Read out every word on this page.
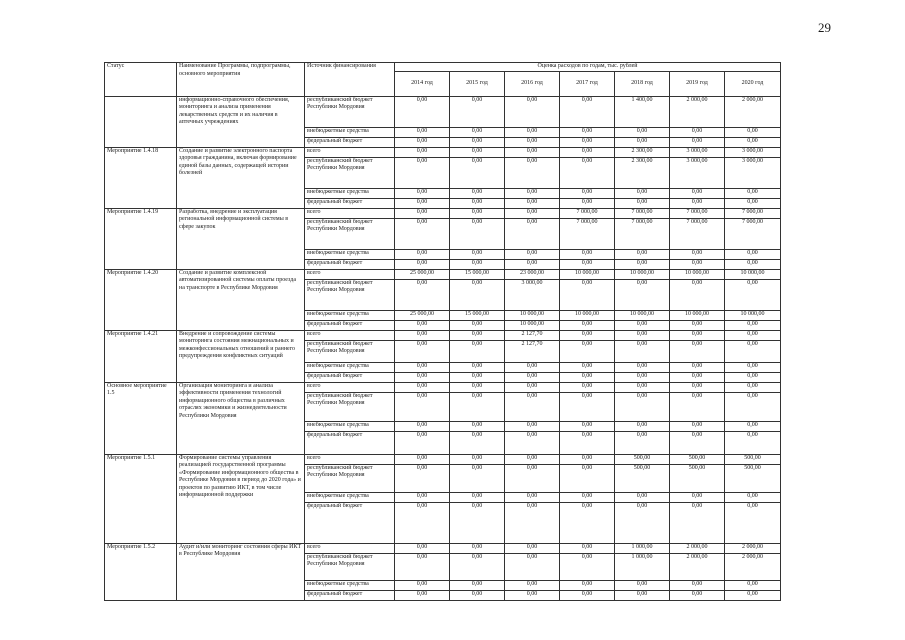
29
Статус	Наименование Программы, подпрограммы, основного мероприятия	Источник финансирования	Оценка расходов по годам, тыс. рублей						
			2014 год	2015 год	2016 год	2017 год	2018 год	2019 год	2020 год
	информационно-справочного обеспечения, мониторинга и анализа применения лекарственных средств и их наличия в аптечных учреждениях	республиканский бюджет Республики Мордовия	0,00	0,00	0,00	0,00	1 400,00	2 000,00	2 000,00
		внебюджетные средства	0,00	0,00	0,00	0,00	0,00	0,00	0,00
		федеральный бюджет	0,00	0,00	0,00	0,00	0,00	0,00	0,00
Мероприятие 1.4.18	Создание и развитие электронного паспорта здоровья гражданина, включая формирование единой базы данных, содержащей истории болезней	всего	0,00	0,00	0,00	0,00	2 300,00	3 000,00	3 000,00
		республиканский бюджет Республики Мордовия	0,00	0,00	0,00	0,00	2 300,00	3 000,00	3 000,00
		внебюджетные средства	0,00	0,00	0,00	0,00	0,00	0,00	0,00
		федеральный бюджет	0,00	0,00	0,00	0,00	0,00	0,00	0,00
Мероприятие 1.4.19	Разработка, внедрение и эксплуатация региональной информационной системы в сфере закупок	всего	0,00	0,00	0,00	7 000,00	7 000,00	7 000,00	7 000,00
		республиканский бюджет Республики Мордовия	0,00	0,00	0,00	7 000,00	7 000,00	7 000,00	7 000,00
		внебюджетные средства	0,00	0,00	0,00	0,00	0,00	0,00	0,00
		федеральный бюджет	0,00	0,00	0,00	0,00	0,00	0,00	0,00
Мероприятие 1.4.20	Создание и развитие комплексной автоматизированной системы оплаты проезда на транспорте в Республике Мордовия	всего	25 000,00	15 000,00	23 000,00	10 000,00	10 000,00	10 000,00	10 000,00
		республиканский бюджет Республики Мордовия	0,00	0,00	3 000,00	0,00	0,00	0,00	0,00
		внебюджетные средства	25 000,00	15 000,00	10 000,00	10 000,00	10 000,00	10 000,00	10 000,00
		федеральный бюджет	0,00	0,00	10 000,00	0,00	0,00	0,00	0,00
Мероприятие 1.4.21	Внедрение и сопровождение системы мониторинга состояния межнациональных и межконфессиональных отношений и раннего предупреждения конфликтных ситуаций	всего	0,00	0,00	2 127,70	0,00	0,00	0,00	0,00
		республиканский бюджет Республики Мордовия	0,00	0,00	2 127,70	0,00	0,00	0,00	0,00
		внебюджетные средства	0,00	0,00	0,00	0,00	0,00	0,00	0,00
		федеральный бюджет	0,00	0,00	0,00	0,00	0,00	0,00	0,00
Основное мероприятие 1.5	Организация мониторинга и анализа эффективности применения технологий информационного общества в различных отраслях экономики и жизнедеятельности Республики Мордовия	всего	0,00	0,00	0,00	0,00	0,00	0,00	0,00
		республиканский бюджет Республики Мордовия	0,00	0,00	0,00	0,00	0,00	0,00	0,00
		внебюджетные средства	0,00	0,00	0,00	0,00	0,00	0,00	0,00
		федеральный бюджет	0,00	0,00	0,00	0,00	0,00	0,00	0,00
Мероприятие 1.5.1	Формирование системы управления реализацией государственной программы «Формирование информационного общества в Республике Мордовия в период до 2020 года» и проектов по развитию ИКТ, в том числе информационной поддержки	всего	0,00	0,00	0,00	0,00	500,00	500,00	500,00
		республиканский бюджет Республики Мордовия	0,00	0,00	0,00	0,00	500,00	500,00	500,00
		внебюджетные средства	0,00	0,00	0,00	0,00	0,00	0,00	0,00
		федеральный бюджет	0,00	0,00	0,00	0,00	0,00	0,00	0,00
Мероприятие 1.5.2	Аудит и/или мониторинг состояния сферы ИКТ в Республике Мордовия	всего	0,00	0,00	0,00	0,00	1 000,00	2 000,00	2 000,00
		республиканский бюджет Республики Мордовия	0,00	0,00	0,00	0,00	1 000,00	2 000,00	2 000,00
		внебюджетные средства	0,00	0,00	0,00	0,00	0,00	0,00	0,00
		федеральный бюджет	0,00	0,00	0,00	0,00	0,00	0,00	0,00
